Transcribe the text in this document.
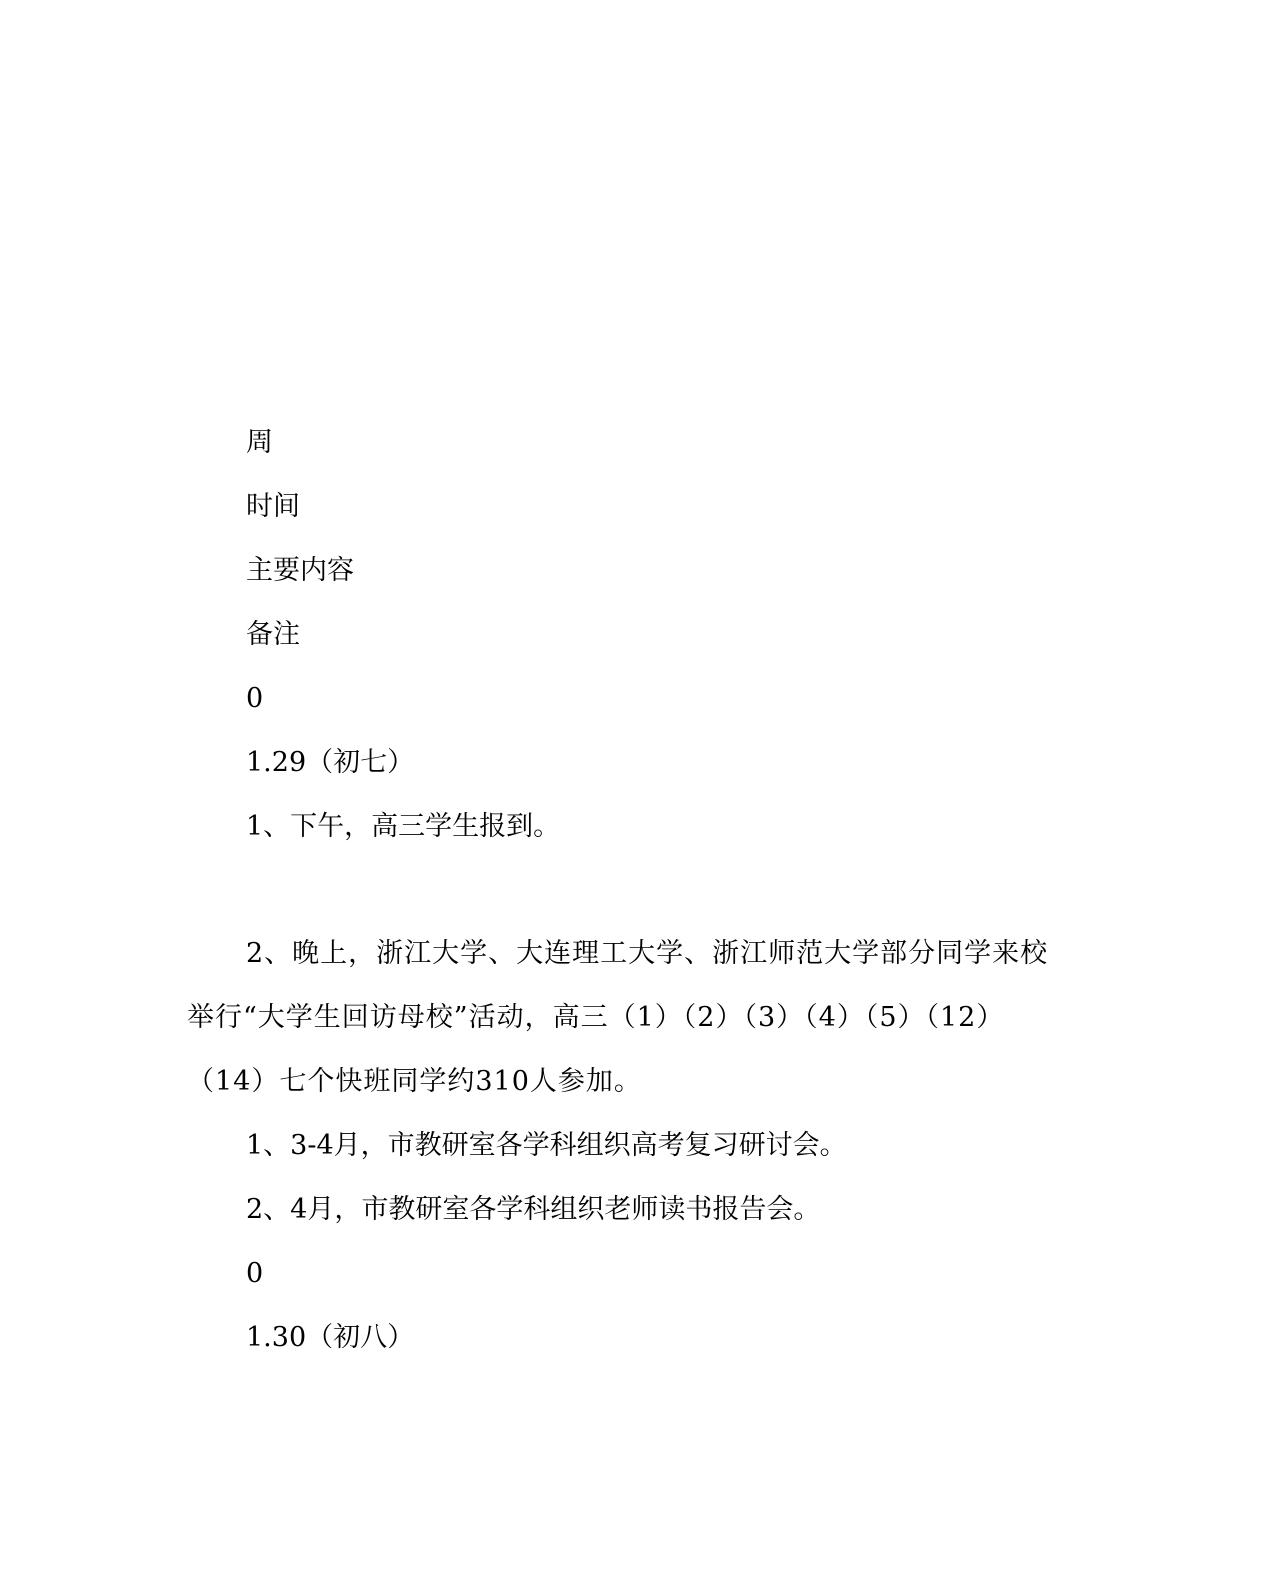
周

时间

主要内容

备注

0

1.29（初七）

1、下午，高三学生报到。

2、晚上，浙江大学、大连理工大学、浙江师范大学部分同学来校举行“大学生回访母校”活动，高三（1）（2）（3）（4）（5）（12）（14）七个快班同学约310人参加。

1、3-4月，市教研室各学科组织高考复习研讨会。

2、4月，市教研室各学科组织老师读书报告会。

0

1.30（初八）
